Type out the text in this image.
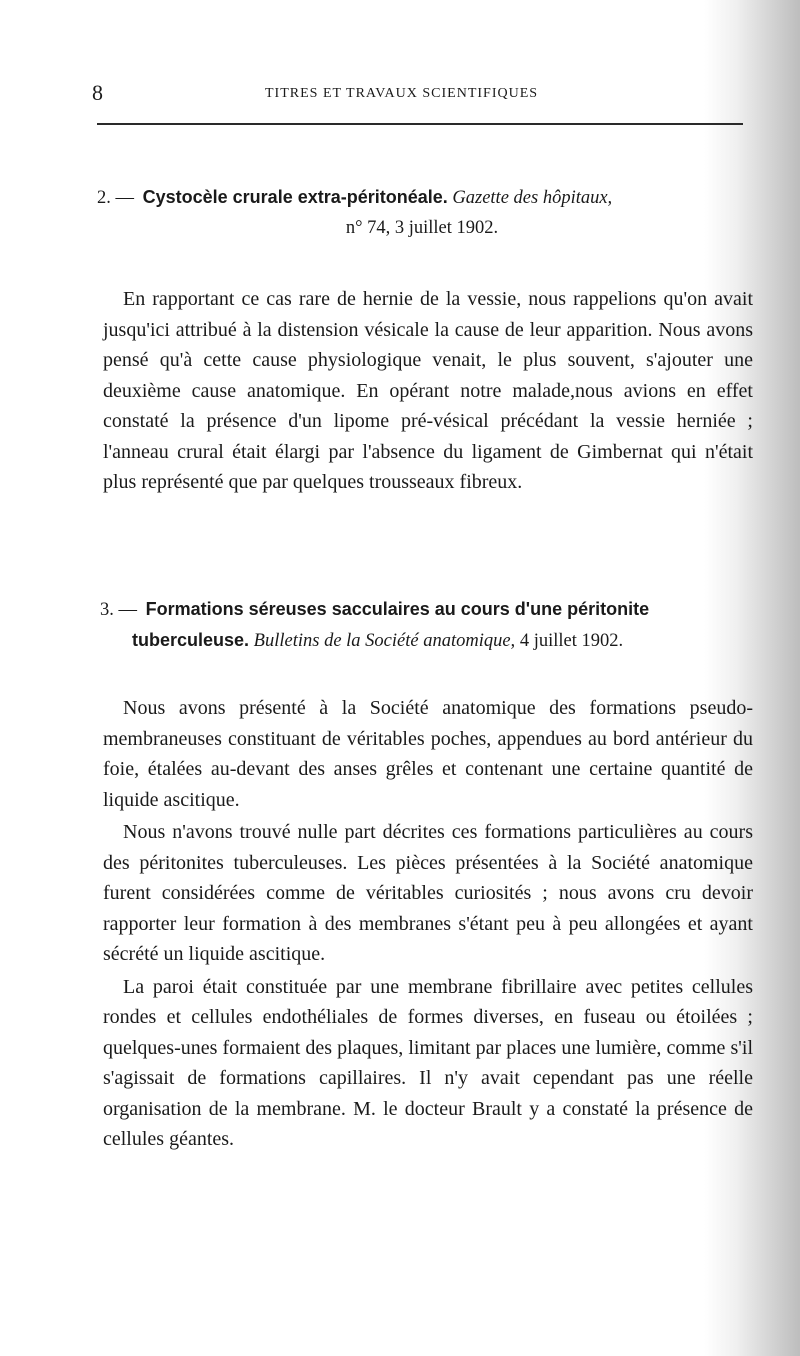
8	TITRES ET TRAVAUX SCIENTIFIQUES
2. — Cystocèle crurale extra-péritonéale. Gazette des hôpitaux,
n° 74, 3 juillet 1902.

En rapportant ce cas rare de hernie de la vessie, nous rappelions qu'on avait jusqu'ici attribué à la distension vésicale la cause de leur apparition. Nous avons pensé qu'à cette cause physiologique venait, le plus souvent, s'ajouter une deuxième cause anatomique. En opérant notre malade,nous avions en effet constaté la présence d'un lipome pré-vésical précédant la vessie herniée ; l'anneau crural était élargi par l'absence du ligament de Gimbernat qui n'était plus représenté que par quelques trousseaux fibreux.

3. — Formations séreuses sacculaires au cours d'une péritonite
tuberculeuse. Bulletins de la Société anatomique, 4 juillet 1902.

Nous avons présenté à la Société anatomique des formations pseudo-membraneuses constituant de véritables poches, appendues au bord antérieur du foie, étalées au-devant des anses grêles et contenant une certaine quantité de liquide ascitique.

Nous n'avons trouvé nulle part décrites ces formations particulières au cours des péritonites tuberculeuses. Les pièces présentées à la Société anatomique furent considérées comme de véritables curiosités ; nous avons cru devoir rapporter leur formation à des membranes s'étant peu à peu allongées et ayant sécrété un liquide ascitique.

La paroi était constituée par une membrane fibrillaire avec petites cellules rondes et cellules endothéliales de formes diverses, en fuseau ou étoilées ; quelques-unes formaient des plaques, limitant par places une lumière, comme s'il s'agissait de formations capillaires. Il n'y avait cependant pas une réelle organisation de la membrane. M. le docteur Brault y a constaté la présence de cellules géantes.
